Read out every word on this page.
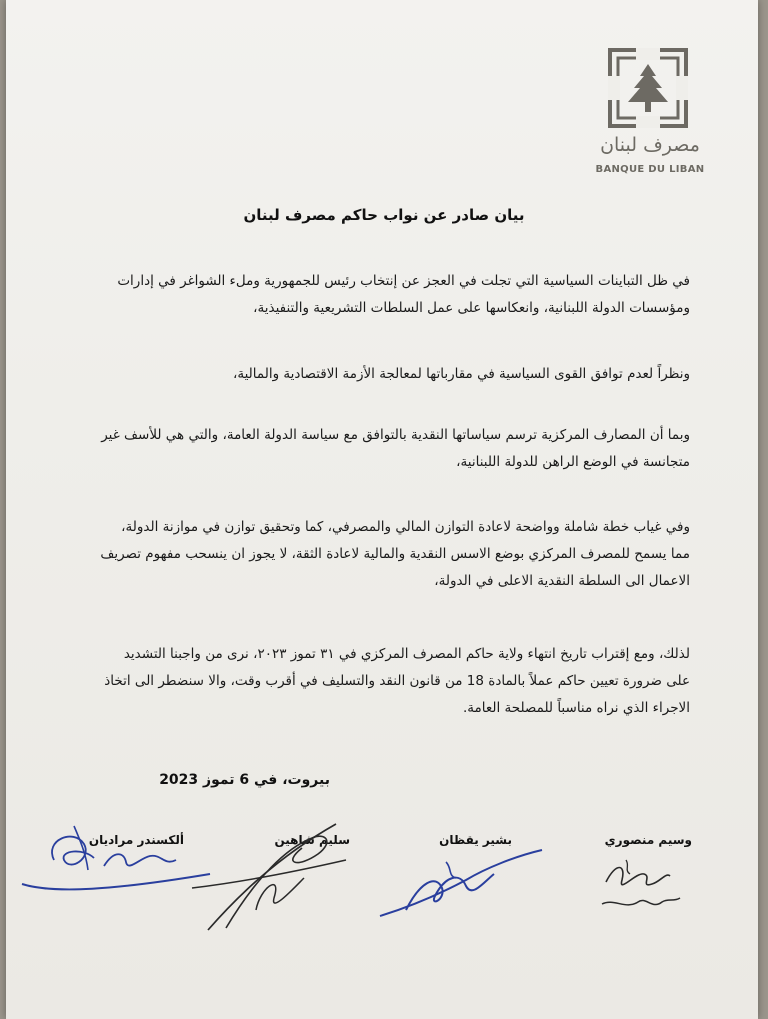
مصرف لبنان
BANQUE DU LIBAN
بيان صادر عن نواب حاكم مصرف لبنان
في ظل التباينات السياسية التي تجلت في العجز عن إنتخاب رئيس للجمهورية وملء الشواغر في إدارات
ومؤسسات الدولة اللبنانية، وانعكاسها على عمل السلطات التشريعية والتنفيذية،
ونظراً لعدم توافق القوى السياسية في مقارباتها لمعالجة الأزمة الاقتصادية والمالية،
وبما أن المصارف المركزية ترسم سياساتها النقدية بالتوافق مع سياسة الدولة العامة، والتي هي للأسف غير
متجانسة في الوضع الراهن للدولة اللبنانية،
وفي غياب خطة شاملة وواضحة لاعادة التوازن المالي والمصرفي، كما وتحقيق توازن في موازنة الدولة،
مما يسمح للمصرف المركزي بوضع الاسس النقدية والمالية لاعادة الثقة، لا يجوز ان ينسحب مفهوم تصريف
الاعمال الى السلطة النقدية الاعلى في الدولة،
لذلك، ومع إقتراب تاريخ انتهاء ولاية حاكم المصرف المركزي في ٣١ تموز ٢٠٢٣، نرى من واجبنا التشديد
على ضرورة تعيين حاكم عملاً بالمادة 18 من قانون النقد والتسليف في أقرب وقت، والا سنضطر الى اتخاذ
الاجراء الذي نراه مناسباً للمصلحة العامة.
بيروت، في 6 تموز 2023
وسيم منصوري
بشير يقظان
سليم شاهين
ألكسندر مراديان
